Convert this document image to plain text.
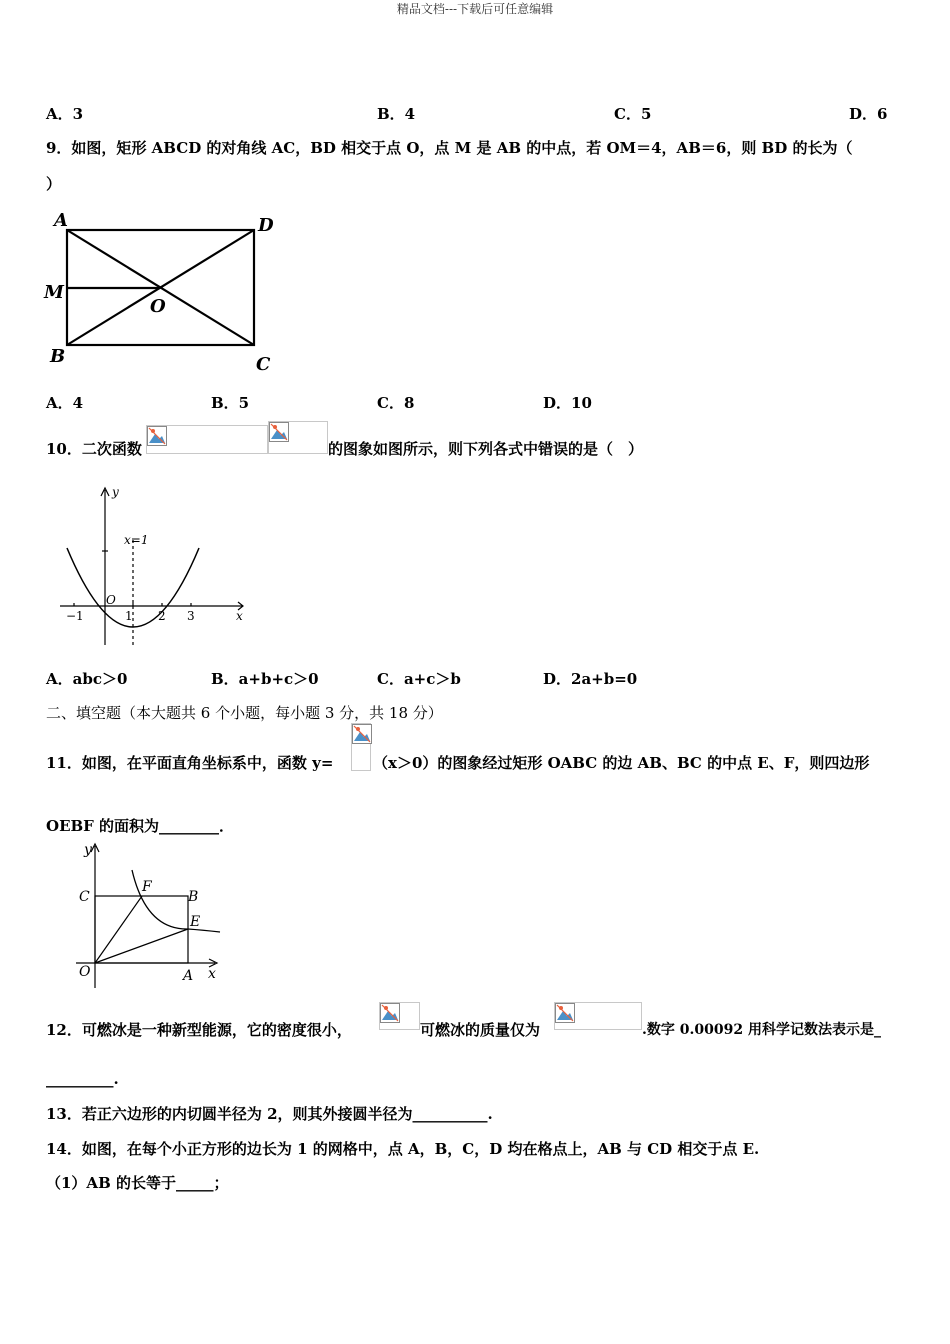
精品文档---下载后可任意编辑
A．3	B．4	C．5	D．6
9．如图，矩形 ABCD 的对角线 AC，BD 相交于点 O，点 M 是 AB 的中点，若 OM＝4，AB＝6，则 BD 的长为（
）
A	D
M
O
B	C
A．4	B．5	C．8	D．10
10．二次函数	的图象如图所示，则下列各式中错误的是（　）
y
x
x=1
O
−1	1 2 3
A．abc＞0	B．a+b+c＞0	C．a+c＞b	D．2a+b=0
二、填空题（本大题共 6 个小题，每小题 3 分，共 18 分）
11．如图，在平面直角坐标系中，函数 y=	（x＞0）的图象经过矩形 OABC 的边 AB、BC 的中点 E、F，则四边形
OEBF 的面积为________．
y
x
C
F
B
E
O	A
12．可燃冰是一种新型能源，它的密度很小，	可燃冰的质量仅为	.数字 0.00092 用科学记数法表示是_
_________.
13．若正六边形的内切圆半径为 2，则其外接圆半径为__________.
14．如图，在每个小正方形的边长为 1 的网格中，点 A，B，C，D 均在格点上，AB 与 CD 相交于点 E.
（1）AB 的长等于_____；
